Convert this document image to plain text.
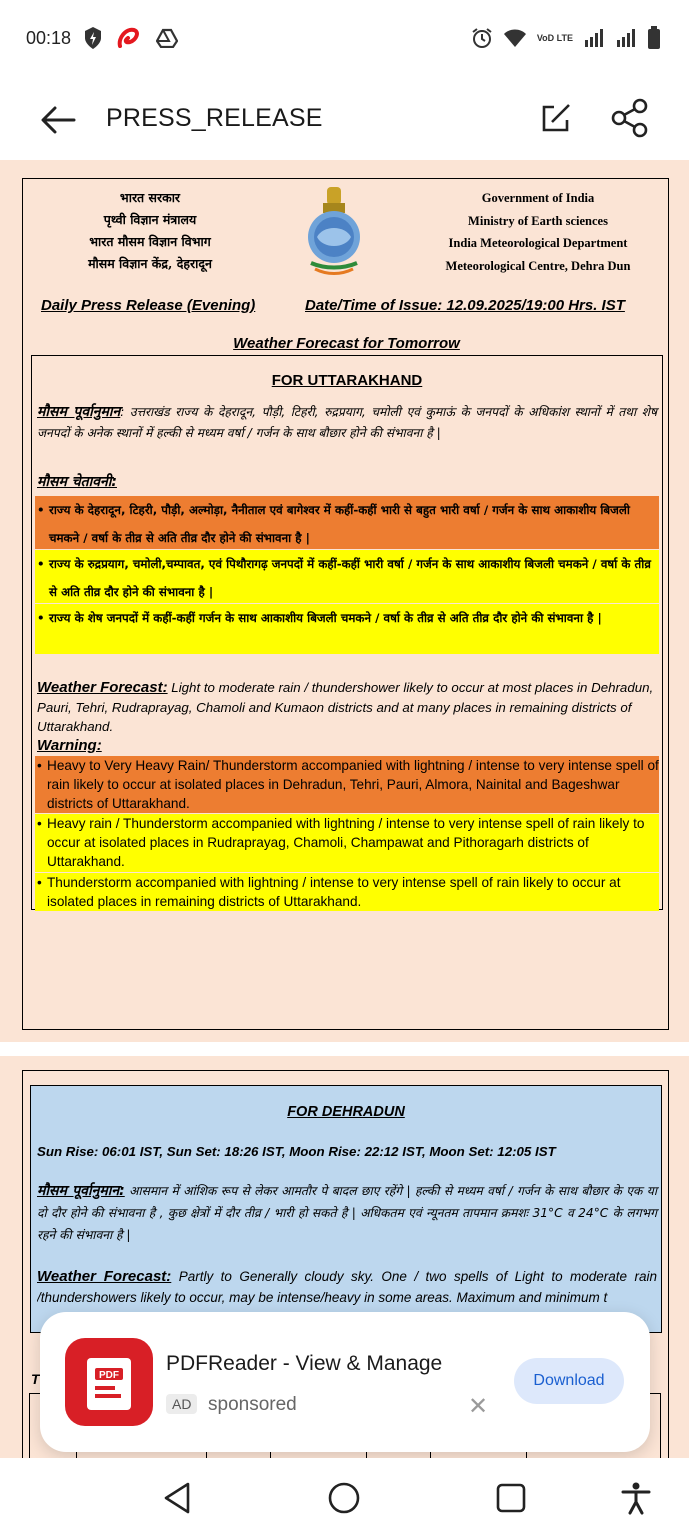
00:18	VoD LTE
PRESS_RELEASE
भारत सरकार
पृथ्वी विज्ञान मंत्रालय
भारत मौसम विज्ञान विभाग
मौसम विज्ञान केंद्र, देहरादून
Government of India
Ministry of Earth sciences
India Meteorological Department
Meteorological Centre, Dehra Dun
Daily Press Release (Evening)	Date/Time of Issue: 12.09.2025/19:00 Hrs. IST
Weather Forecast for Tomorrow
FOR UTTARAKHAND
मौसम पूर्वानुमान: उत्तराखंड राज्य के देहरादून, पौड़ी, टिहरी, रुद्रप्रयाग, चमोली एवं कुमाऊं के जनपदों के अधिकांश स्थानों में तथा शेष जनपदों के अनेक स्थानों में हल्की से मध्यम वर्षा / गर्जन के साथ बौछार होने की संभावना है |
मौसम चेतावनी:
• राज्य के देहरादून, टिहरी, पौड़ी, अल्मोड़ा, नैनीताल एवं बागेश्वर में कहीं-कहीं भारी से बहुत भारी वर्षा / गर्जन के साथ आकाशीय बिजली चमकने / वर्षा के तीव्र से अति तीव्र दौर होने की संभावना है |
• राज्य के रुद्रप्रयाग, चमोली,चम्पावत, एवं पिथौरागढ़ जनपदों में कहीं-कहीं भारी वर्षा / गर्जन के साथ आकाशीय बिजली चमकने / वर्षा के तीव्र से अति तीव्र दौर होने की संभावना है |
• राज्य के शेष जनपदों में कहीं-कहीं गर्जन के साथ आकाशीय बिजली चमकने / वर्षा के तीव्र से अति तीव्र दौर होने की संभावना है |
Weather Forecast: Light to moderate rain / thundershower likely to occur at most places in Dehradun, Pauri, Tehri, Rudraprayag, Chamoli and Kumaon districts and at many places in remaining districts of Uttarakhand.
Warning:
• Heavy to Very Heavy Rain/ Thunderstorm accompanied with lightning / intense to very intense spell of rain likely to occur at isolated places in Dehradun, Tehri, Pauri, Almora, Nainital and Bageshwar districts of Uttarakhand.
• Heavy rain / Thunderstorm accompanied with lightning / intense to very intense spell of rain likely to occur at isolated places in Rudraprayag, Chamoli, Champawat and Pithoragarh districts of Uttarakhand.
• Thunderstorm accompanied with lightning / intense to very intense spell of rain likely to occur at isolated places in remaining districts of Uttarakhand.
FOR DEHRADUN
Sun Rise: 06:01 IST, Sun Set: 18:26 IST, Moon Rise: 22:12 IST, Moon Set: 12:05 IST
मौसम पूर्वानुमान: आसमान में आंशिक रूप से लेकर आमतौर पे बादल छाए रहेंगे | हल्की से मध्यम वर्षा / गर्जन के साथ बौछार के एक या दो दौर होने की संभावना है , कुछ क्षेत्रों में दौर तीव्र / भारी हो सकते है | अधिकतम एवं न्यूनतम तापमान क्रमशः 31°C व 24°C के लगभग रहने की संभावना है |
Weather Forecast: Partly to Generally cloudy sky. One / two spells of Light to moderate rain /thundershowers likely to occur, may be intense/heavy in some areas. Maximum and minimum t
T	PDF
PDFReader - View & Manage
AD sponsored	✕
Download
